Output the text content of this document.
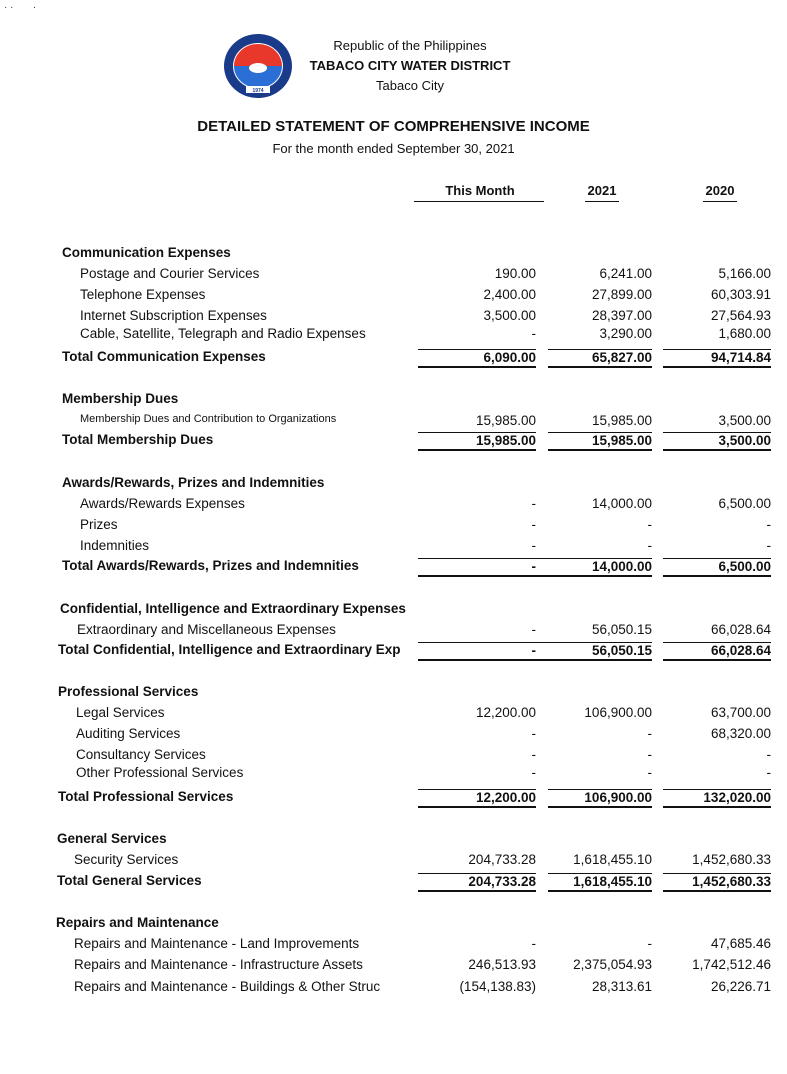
· ·       ·
1974
Republic of the Philippines
TABACO CITY WATER DISTRICT
Tabaco City
DETAILED STATEMENT OF COMPREHENSIVE INCOME
For the month ended September 30, 2021
This Month	2021	2020
Communication Expenses
Postage and Courier Services	190.00	6,241.00	5,166.00
Telephone Expenses	2,400.00	27,899.00	60,303.91
Internet Subscription Expenses	3,500.00	28,397.00	27,564.93
Cable, Satellite, Telegraph and Radio Expenses	-	3,290.00	1,680.00
Total Communication Expenses	6,090.00	65,827.00	94,714.84
Membership Dues
Membership Dues and Contribution to Organizations	15,985.00	15,985.00	3,500.00
Total Membership Dues	15,985.00	15,985.00	3,500.00
Awards/Rewards, Prizes and Indemnities
Awards/Rewards Expenses	-	14,000.00	6,500.00
Prizes	-	-	-
Indemnities	-	-	-
Total Awards/Rewards, Prizes and Indemnities	-	14,000.00	6,500.00
Confidential, Intelligence and Extraordinary Expenses
Extraordinary and Miscellaneous Expenses	-	56,050.15	66,028.64
Total Confidential, Intelligence and Extraordinary Exp	-	56,050.15	66,028.64
Professional Services
Legal Services	12,200.00	106,900.00	63,700.00
Auditing Services	-	-	68,320.00
Consultancy Services	-	-	-
Other Professional Services	-	-	-
Total Professional Services	12,200.00	106,900.00	132,020.00
General Services
Security Services	204,733.28	1,618,455.10	1,452,680.33
Total General Services	204,733.28	1,618,455.10	1,452,680.33
Repairs and Maintenance
Repairs and Maintenance - Land Improvements	-	-	47,685.46
Repairs and Maintenance - Infrastructure Assets	246,513.93	2,375,054.93	1,742,512.46
Repairs and Maintenance - Buildings & Other Struc	(154,138.83)	28,313.61	26,226.71
